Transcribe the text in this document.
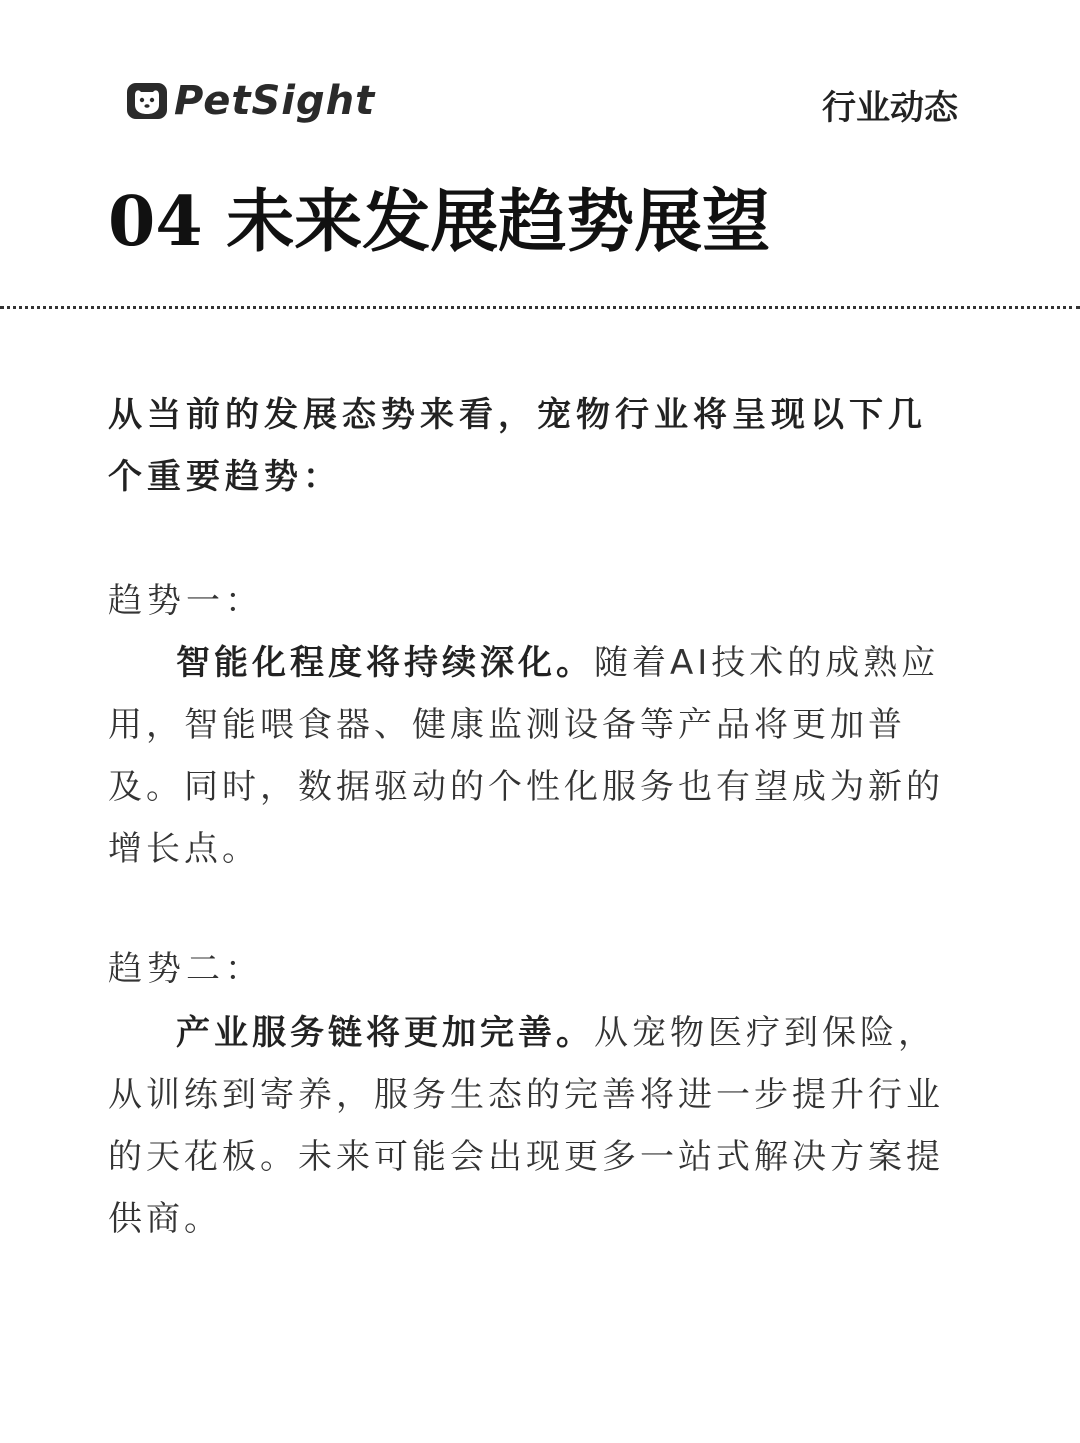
PetSight	行业动态
04 未来发展趋势展望

从当前的发展态势来看，宠物行业将呈现以下几个重要趋势：

趋势一：

智能化程度将持续深化。随着AI技术的成熟应用，智能喂食器、健康监测设备等产品将更加普及。同时，数据驱动的个性化服务也有望成为新的增长点。

趋势二：

产业服务链将更加完善。从宠物医疗到保险，从训练到寄养，服务生态的完善将进一步提升行业的天花板。未来可能会出现更多一站式解决方案提供商。
